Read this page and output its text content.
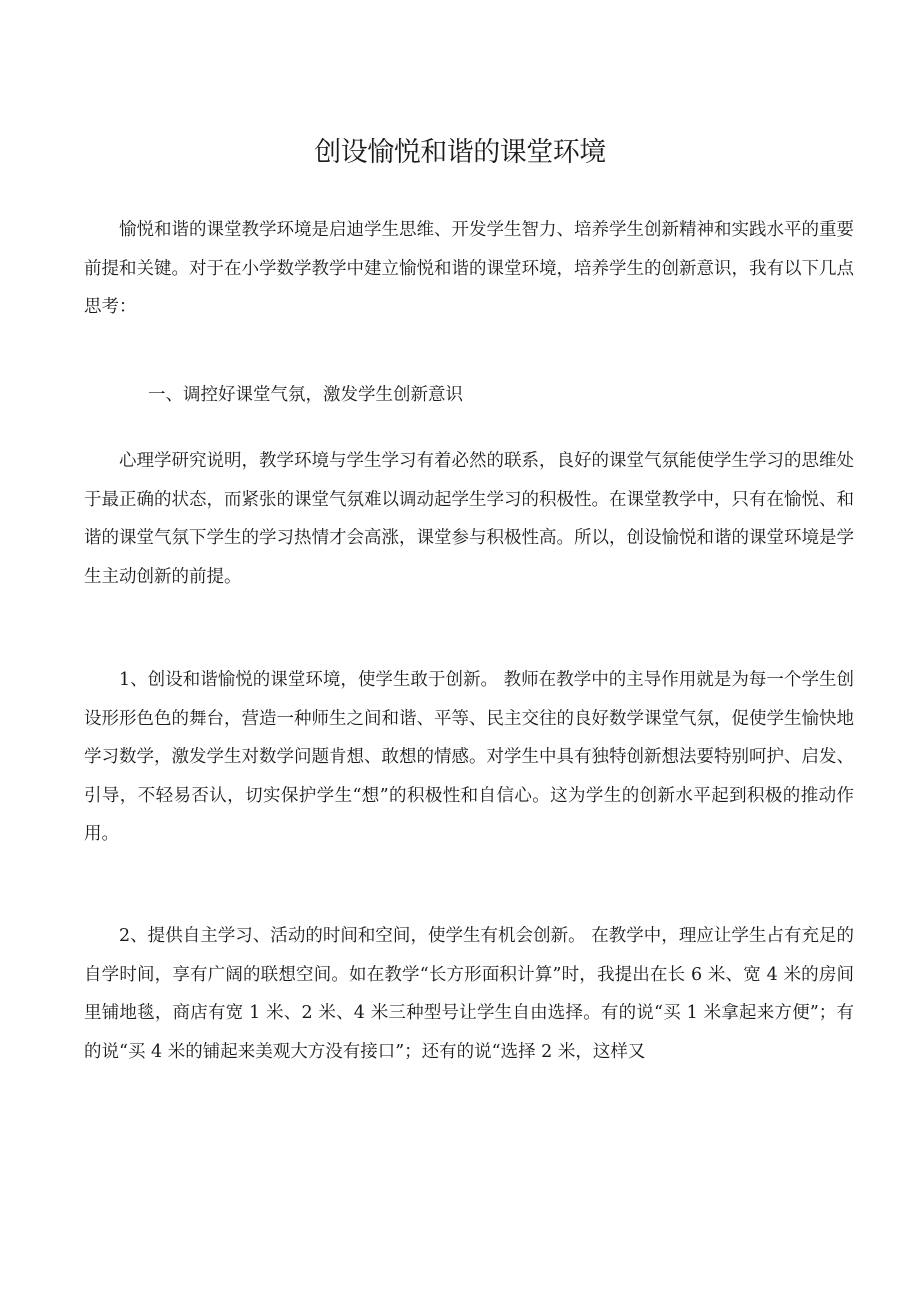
创设愉悦和谐的课堂环境

愉悦和谐的课堂教学环境是启迪学生思维、开发学生智力、培养学生创新精神和实践水平的重要前提和关键。对于在小学数学教学中建立愉悦和谐的课堂环境，培养学生的创新意识，我有以下几点思考：

一、调控好课堂气氛，激发学生创新意识

心理学研究说明，教学环境与学生学习有着必然的联系，良好的课堂气氛能使学生学习的思维处于最正确的状态，而紧张的课堂气氛难以调动起学生学习的积极性。在课堂教学中，只有在愉悦、和谐的课堂气氛下学生的学习热情才会高涨，课堂参与积极性高。所以，创设愉悦和谐的课堂环境是学生主动创新的前提。

1、创设和谐愉悦的课堂环境，使学生敢于创新。 教师在教学中的主导作用就是为每一个学生创设形形色色的舞台，营造一种师生之间和谐、平等、民主交往的良好数学课堂气氛，促使学生愉快地学习数学，激发学生对数学问题肯想、敢想的情感。对学生中具有独特创新想法要特别呵护、启发、引导，不轻易否认，切实保护学生“想”的积极性和自信心。这为学生的创新水平起到积极的推动作用。

2、提供自主学习、活动的时间和空间，使学生有机会创新。 在教学中，理应让学生占有充足的自学时间，享有广阔的联想空间。如在教学“长方形面积计算”时，我提出在长 6 米、宽 4 米的房间里铺地毯，商店有宽 1 米、2 米、4 米三种型号让学生自由选择。有的说“买 1 米拿起来方便”；有的说“买 4 米的铺起来美观大方没有接口”；还有的说“选择 2 米，这样又
